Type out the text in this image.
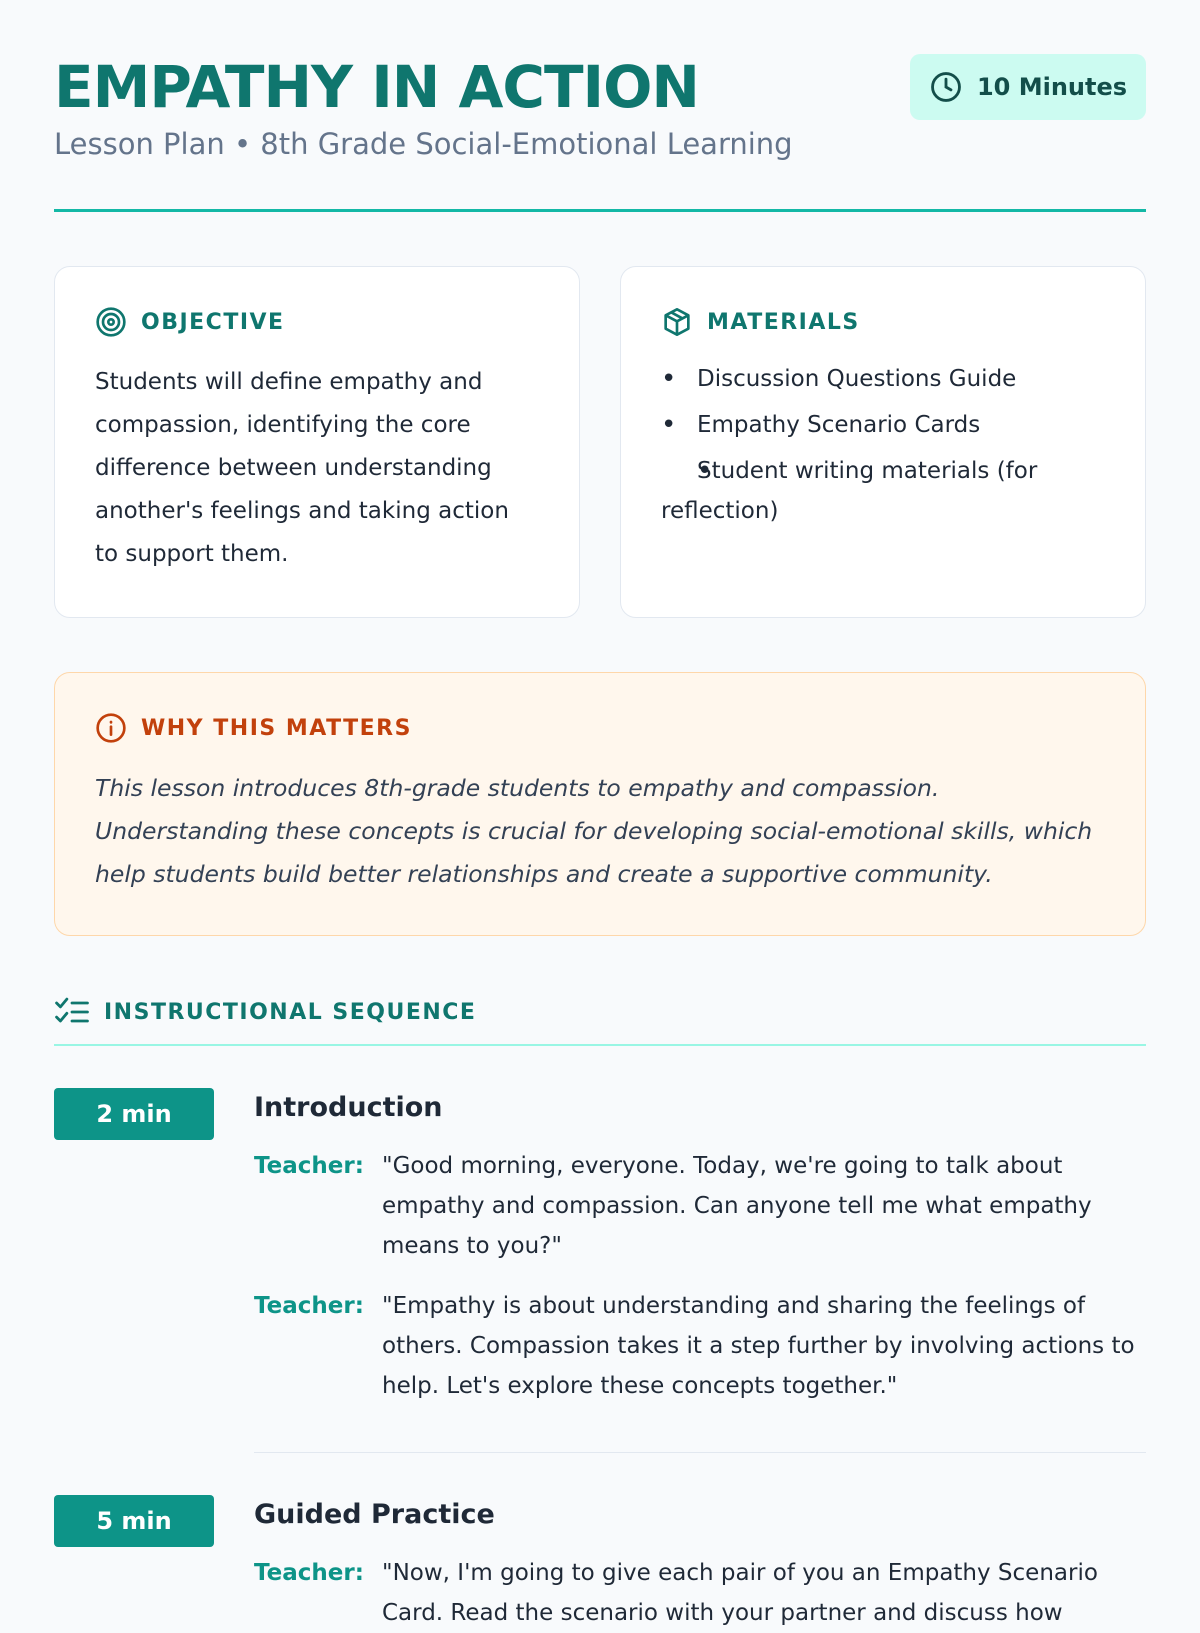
EMPATHY IN ACTION
Lesson Plan • 8th Grade Social-Emotional Learning
10 Minutes
OBJECTIVE

Students will define empathy and compassion, identifying the core difference between understanding another's feelings and taking action to support them.

MATERIALS
• Discussion Questions Guide
• Empathy Scenario Cards
• Student writing materials (for reflection)
WHY THIS MATTERS

This lesson introduces 8th-grade students to empathy and compassion. Understanding these concepts is crucial for developing social-emotional skills, which help students build better relationships and create a supportive community.

INSTRUCTIONAL SEQUENCE
2 min	Introduction
Teacher: "Good morning, everyone. Today, we're going to talk about empathy and compassion. Can anyone tell me what empathy means to you?"
Teacher: "Empathy is about understanding and sharing the feelings of others. Compassion takes it a step further by involving actions to help. Let's explore these concepts together."
5 min	Guided Practice
Teacher: "Now, I'm going to give each pair of you an Empathy Scenario Card. Read the scenario with your partner and discuss how
